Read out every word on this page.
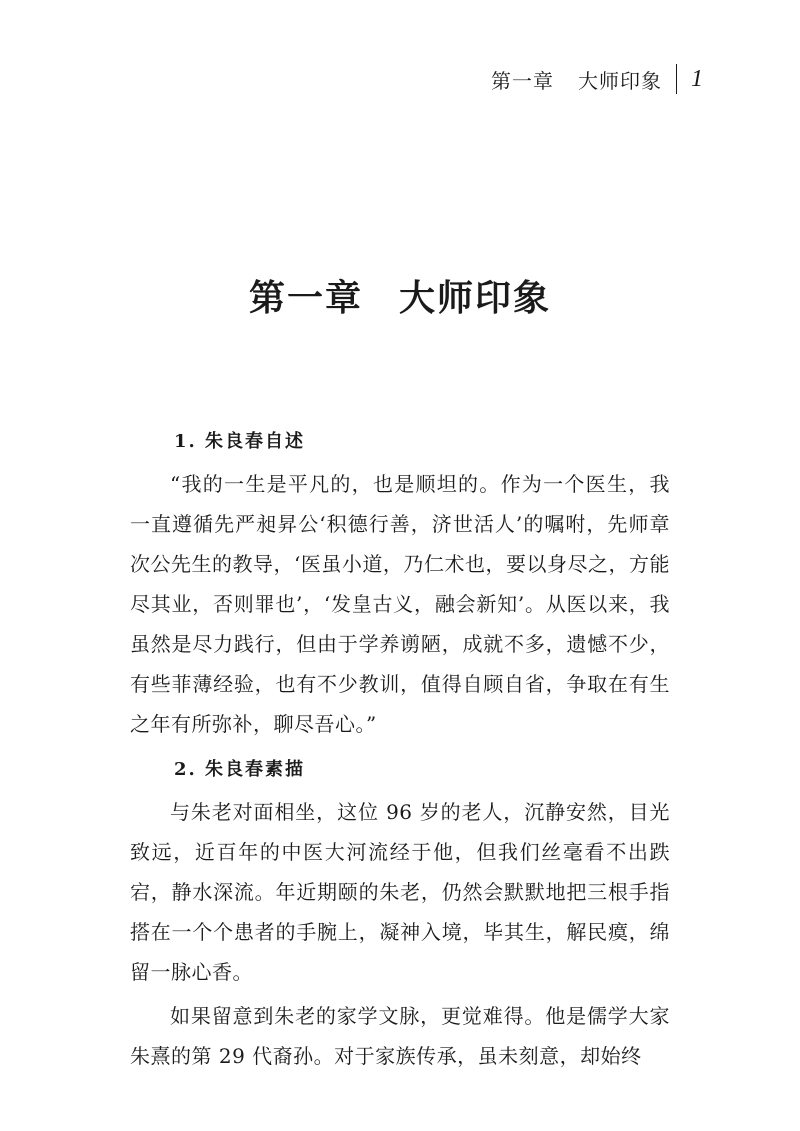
第一章 大师印象 1
第一章 大师印象
1. 朱良春自述

“我的一生是平凡的，也是顺坦的。作为一个医生，我一直遵循先严昶昇公‘积德行善，济世活人’的嘱咐，先师章次公先生的教导，‘医虽小道，乃仁术也，要以身尽之，方能尽其业，否则罪也’，‘发皇古义，融会新知’。从医以来，我虽然是尽力践行，但由于学养谫陋，成就不多，遗憾不少，有些菲薄经验，也有不少教训，值得自顾自省，争取在有生之年有所弥补，聊尽吾心。”

2. 朱良春素描

与朱老对面相坐，这位 96 岁的老人，沉静安然，目光致远，近百年的中医大河流经于他，但我们丝毫看不出跌宕，静水深流。年近期颐的朱老，仍然会默默地把三根手指搭在一个个患者的手腕上，凝神入境，毕其生，解民瘼，绵留一脉心香。

如果留意到朱老的家学文脉，更觉难得。他是儒学大家朱熹的第 29 代裔孙。对于家族传承，虽未刻意，却始终
